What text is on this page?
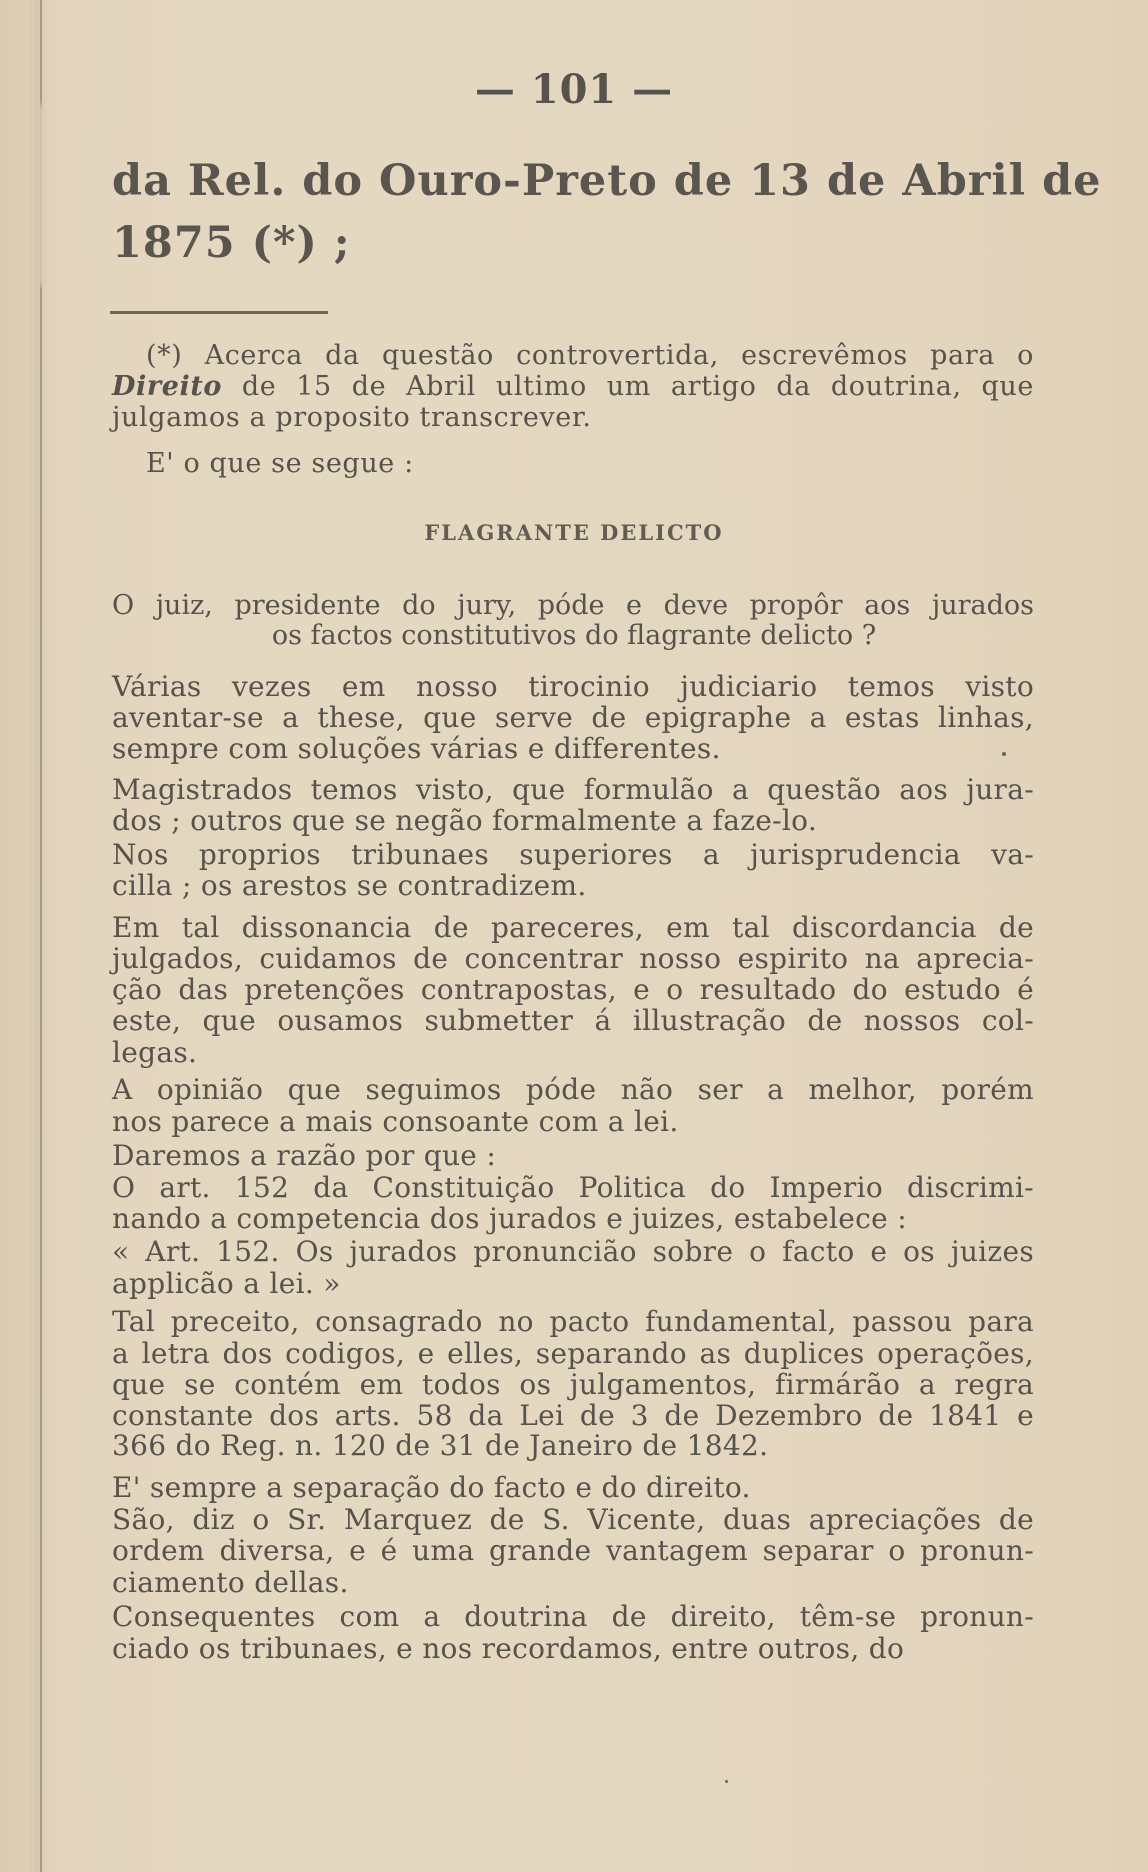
— 101 —
da Rel. do Ouro-Preto de 13 de Abril de
1875 (*) ;
(*) Acerca da questão controvertida, escrevêmos para o
Direito de 15 de Abril ultimo um artigo da doutrina, que
julgamos a proposito transcrever.
E' o que se segue :
FLAGRANTE DELICTO
O juiz, presidente do jury, póde e deve propôr aos jurados
os factos constitutivos do flagrante delicto ?
Várias vezes em nosso tirocinio judiciario temos visto
aventar-se a these, que serve de epigraphe a estas linhas,
sempre com soluções várias e differentes.
Magistrados temos visto, que formulão a questão aos jura-
dos ; outros que se negão formalmente a faze-lo.
Nos proprios tribunaes superiores a jurisprudencia va-
cilla ; os arestos se contradizem.
Em tal dissonancia de pareceres, em tal discordancia de
julgados, cuidamos de concentrar nosso espirito na aprecia-
ção das pretenções contrapostas, e o resultado do estudo é
este, que ousamos submetter á illustração de nossos col-
legas.
A opinião que seguimos póde não ser a melhor, porém
nos parece a mais consoante com a lei.
Daremos a razão por que :
O art. 152 da Constituição Politica do Imperio discrimi-
nando a competencia dos jurados e juizes, estabelece :
« Art. 152. Os jurados pronuncião sobre o facto e os juizes
applicão a lei. »
Tal preceito, consagrado no pacto fundamental, passou para
a letra dos codigos, e elles, separando as duplices operações,
que se contém em todos os julgamentos, firmárão a regra
constante dos arts. 58 da Lei de 3 de Dezembro de 1841 e
366 do Reg. n. 120 de 31 de Janeiro de 1842.
E' sempre a separação do facto e do direito.
São, diz o Sr. Marquez de S. Vicente, duas apreciações de
ordem diversa, e é uma grande vantagem separar o pronun-
ciamento dellas.
Consequentes com a doutrina de direito, têm-se pronun-
ciado os tribunaes, e nos recordamos, entre outros, do
